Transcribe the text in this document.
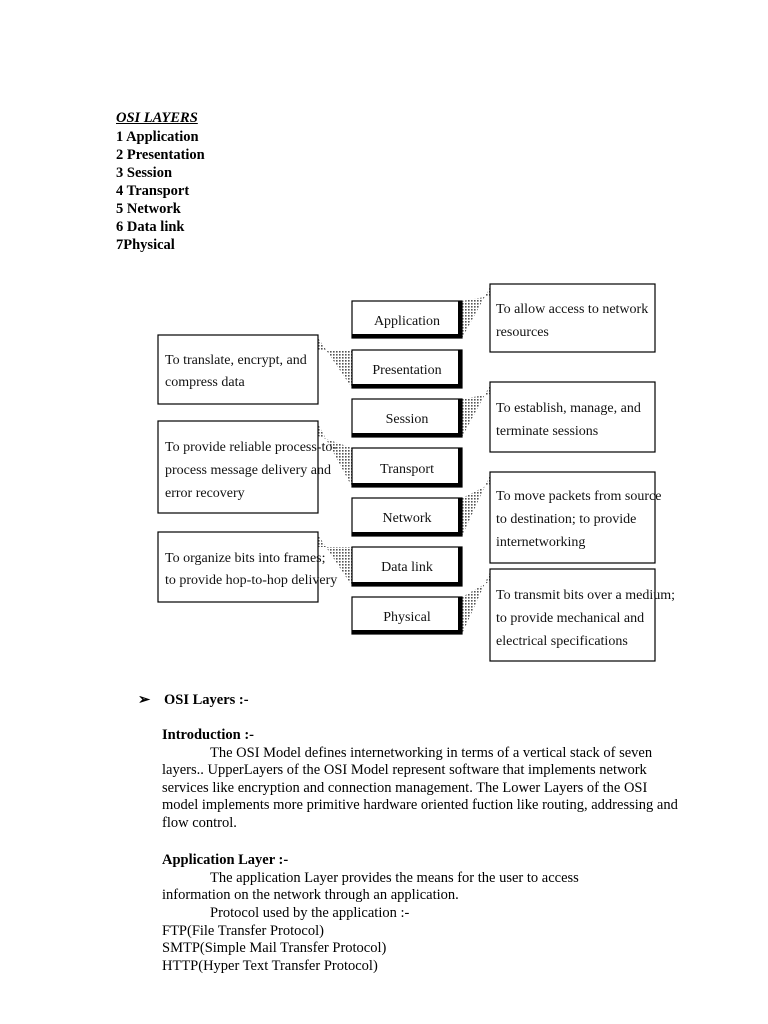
OSI LAYERS
1 Application
2 Presentation
3 Session
4 Transport
5 Network
6 Data link
7Physical
Application
Presentation
Session
Transport
Network
Data link
Physical
To allow access to network
resources
To translate, encrypt, and
compress data
To establish, manage, and
terminate sessions
To provide reliable process-to-
process message delivery and
error recovery	To move packets from source
to destination; to provide
internetworking
To organize bits into frames;
to provide hop-to-hop delivery
To transmit bits over a medium;
to provide mechanical and
electrical specifications
➢ OSI Layers :-
Introduction :-
The OSI Model defines internetworking in terms of a vertical stack of seven layers.. UpperLayers of the OSI Model represent software that implements network services like encryption and connection management. The Lower Layers of the OSI model implements more primitive hardware oriented fuction like routing, addressing and flow control.
Application Layer :-
The application Layer provides the means for the user to access information on the network through an application.
Protocol used by the application :-
FTP(File Transfer Protocol)
SMTP(Simple Mail Transfer Protocol)
HTTP(Hyper Text Transfer Protocol)
